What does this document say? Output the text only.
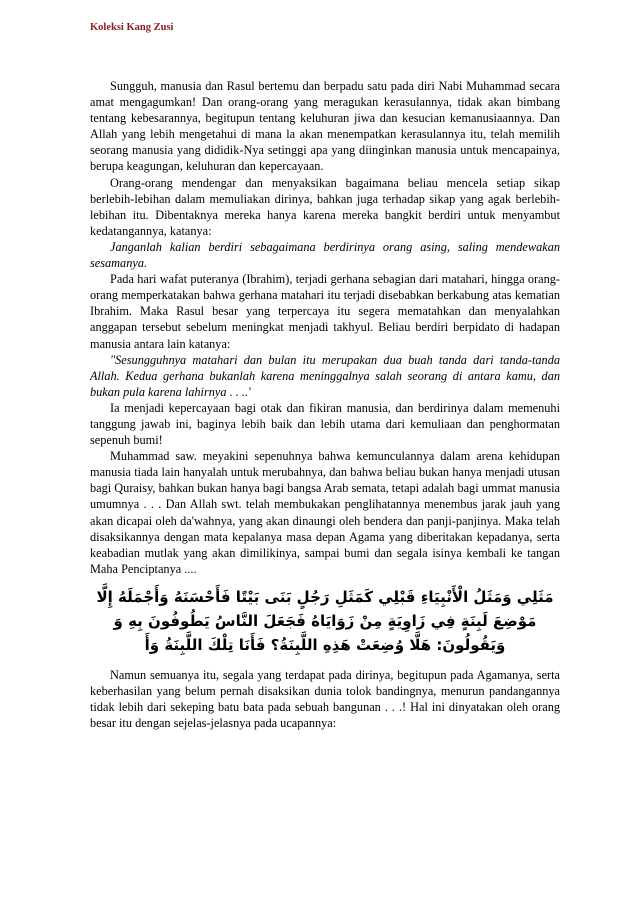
Koleksi Kang Zusi

Sungguh, manusia dan Rasul bertemu dan berpadu satu pada diri Nabi Muhammad secara amat mengagumkan! Dan orang-orang yang meragukan kerasulannya, tidak akan bimbang tentang kebesarannya, begitupun tentang keluhuran jiwa dan kesucian kemanusiaannya. Dan Allah yang lebih mengetahui di mana la akan menempatkan kerasulannya itu, telah memilih seorang manusia yang dididik-Nya setinggi apa yang diinginkan manusia untuk mencapainya, berupa keagungan, keluhuran dan kepercayaan.

Orang-orang mendengar dan menyaksikan bagaimana beliau mencela setiap sikap berlebih-lebihan dalam memuliakan dirinya, bahkan juga terhadap sikap yang agak berlebih-lebihan itu. Dibentaknya mereka hanya karena mereka bangkit berdiri untuk menyambut kedatangannya, katanya:

Janganlah kalian berdiri sebagaimana berdirinya orang asing, saling mendewakan sesamanya.

Pada hari wafat puteranya (Ibrahim), terjadi gerhana sebagian dari matahari, hingga orang-orang memperkatakan bahwa gerhana matahari itu terjadi disebabkan berkabung atas kematian Ibrahim. Maka Rasul besar yang terpercaya itu segera mematahkan dan menyalahkan anggapan tersebut sebelum meningkat menjadi takhyul. Beliau berdiri berpidato di hadapan manusia antara lain katanya:

"Sesungguhnya matahari dan bulan itu merupakan dua buah tanda dari tanda-tanda Allah. Kedua gerhana bukanlah karena meninggalnya salah seorang di antara kamu, dan bukan pula karena lahirnya . . ..'

Ia menjadi kepercayaan bagi otak dan fikiran manusia, dan berdirinya dalam memenuhi tanggung jawab ini, baginya lebih baik dan lebih utama dari kemuliaan dan penghormatan sepenuh bumi!

Muhammad saw. meyakini sepenuhnya bahwa kemunculannya dalam arena kehidupan manusia tiada lain hanyalah untuk merubahnya, dan bahwa beliau bukan hanya menjadi utusan bagi Quraisy, bahkan bukan hanya bagi bangsa Arab semata, tetapi adalah bagi ummat manusia umumnya . . . Dan Allah swt. telah membukakan penglihatannya menembus jarak jauh yang akan dicapai oleh da'wahnya, yang akan dinaungi oleh bendera dan panji-panjinya. Maka telah disaksikannya dengan mata kepalanya masa depan Agama yang diberitakan kepadanya, serta keabadian mutlak yang akan dimilikinya, sampai bumi dan segala isinya kembali ke tangan Maha Penciptanya ....

مَثَلِي وَمَثَلُ الْأَنْبِيَاءِ قَبْلِي كَمَثَلِ رَجُلٍ بَنَى بَيْتًا فَأَحْسَنَهُ وَأَجْمَلَهُ إِلَّا
مَوْضِعَ لَبِنَةٍ فِي زَاوِيَةٍ مِنْ زَوَايَاهُ فَجَعَلَ النَّاسُ يَطُوفُونَ بِهِ وَ
وَيَقُولُونَ: هَلَّا وُضِعَتْ هَذِهِ اللَّبِنَةُ؟ فَأَنَا تِلْكَ اللَّبِنَةُ وَأَ

Namun semuanya itu, segala yang terdapat pada dirinya, begitupun pada Agamanya, serta keberhasilan yang belum pernah disaksikan dunia tolok bandingnya, menurun pandangannya tidak lebih dari sekeping batu bata pada sebuah bangunan . . .! Hal ini dinyatakan oleh orang besar itu dengan sejelas-jelasnya pada ucapannya:
